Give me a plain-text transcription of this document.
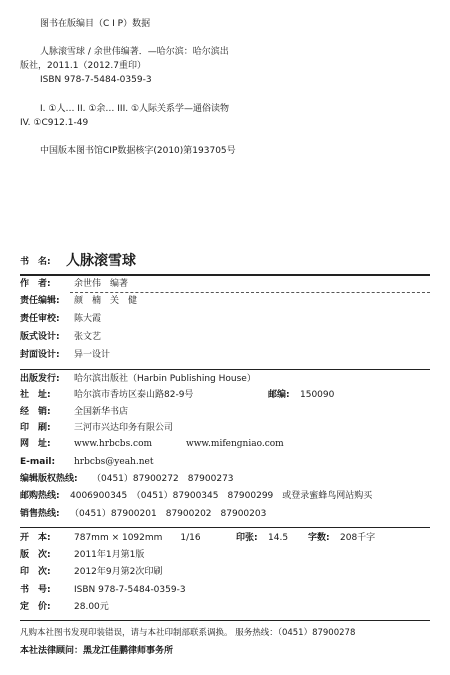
图书在版编目（C I P）数据
人脉滚雪球 / 余世伟编著．—哈尔滨：哈尔滨出
版社，2011.1（2012.7重印）
ISBN 978-7-5484-0359-3
I. ①人… II. ①余… III. ①人际关系学—通俗读物
IV. ①C912.1-49
中国版本图书馆CIP数据核字(2010)第193705号
书　名: 人脉滚雪球
作　者:	余世伟　编著
责任编辑: 颜　楠　关　健
责任审校: 陈大霞
版式设计: 张文艺
封面设计: 异一设计
出版发行: 哈尔滨出版社（Harbin Publishing House）
社　址:	哈尔滨市香坊区泰山路82-9号	邮编: 150090
经　销:	全国新华书店
印　刷:	三河市兴达印务有限公司
网　址:	www.hrbcbs.com	www.mifengniao.com
E-mail: hrbcbs@yeah.net
编辑版权热线: （0451）87900272　87900273
邮购热线: 4006900345　（0451）87900345　87900299　或登录蜜蜂鸟网站购买
销售热线: （0451）87900201　87900202　87900203
开　本:	787mm × 1092mm　　1/16	印张: 14.5 字数: 208千字
版　次:	2011年1月第1版
印　次:	2012年9月第2次印刷
书　号:	ISBN 978-7-5484-0359-3
定　价:	28.00元
凡购本社图书发现印装错误，请与本社印制部联系调换。 服务热线：（0451）87900278
本社法律顾问：黑龙江佳鹏律师事务所
